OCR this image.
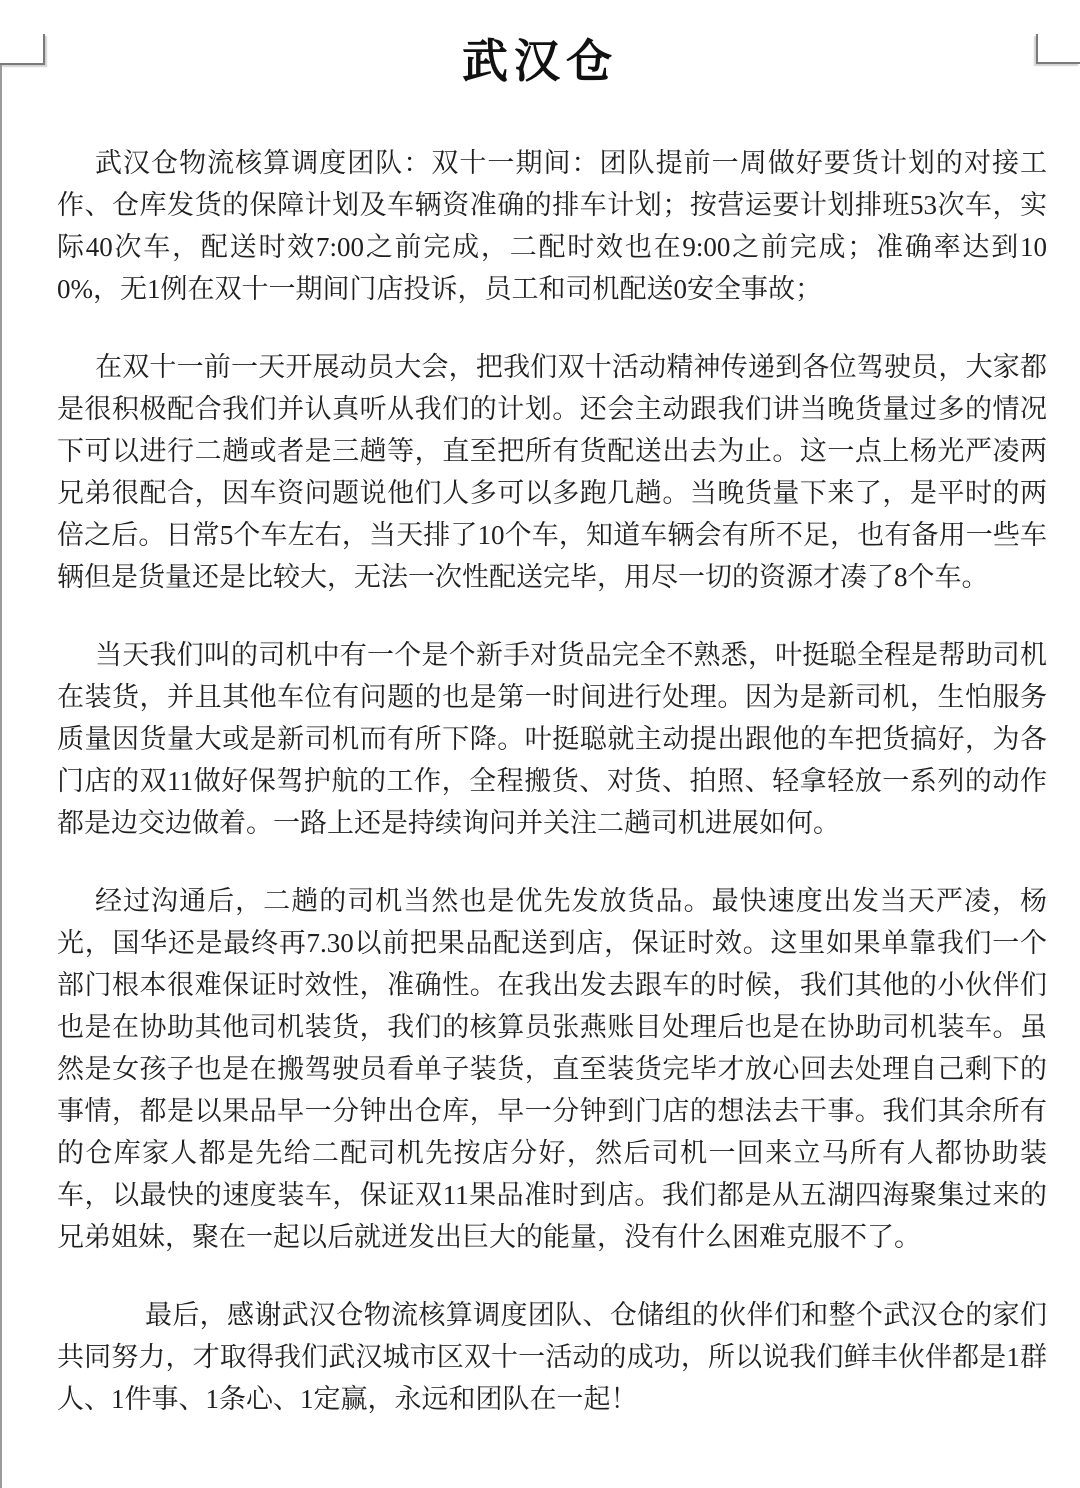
武汉仓

武汉仓物流核算调度团队：双十一期间：团队提前一周做好要货计划的对接工作、仓库发货的保障计划及车辆资准确的排车计划；按营运要计划排班53次车，实际40次车，配送时效7:00之前完成，二配时效也在9:00之前完成；准确率达到100%，无1例在双十一期间门店投诉，员工和司机配送0安全事故；

在双十一前一天开展动员大会，把我们双十活动精神传递到各位驾驶员，大家都是很积极配合我们并认真听从我们的计划。还会主动跟我们讲当晚货量过多的情况下可以进行二趟或者是三趟等，直至把所有货配送出去为止。这一点上杨光严凌两兄弟很配合，因车资问题说他们人多可以多跑几趟。当晚货量下来了，是平时的两倍之后。日常5个车左右，当天排了10个车，知道车辆会有所不足，也有备用一些车辆但是货量还是比较大，无法一次性配送完毕，用尽一切的资源才凑了8个车。

当天我们叫的司机中有一个是个新手对货品完全不熟悉，叶挺聪全程是帮助司机在装货，并且其他车位有问题的也是第一时间进行处理。因为是新司机，生怕服务质量因货量大或是新司机而有所下降。叶挺聪就主动提出跟他的车把货搞好，为各门店的双11做好保驾护航的工作，全程搬货、对货、拍照、轻拿轻放一系列的动作都是边交边做着。一路上还是持续询问并关注二趟司机进展如何。

经过沟通后，二趟的司机当然也是优先发放货品。最快速度出发当天严凌，杨光，国华还是最终再7.30以前把果品配送到店，保证时效。这里如果单靠我们一个部门根本很难保证时效性，准确性。在我出发去跟车的时候，我们其他的小伙伴们也是在协助其他司机装货，我们的核算员张燕账目处理后也是在协助司机装车。虽然是女孩子也是在搬驾驶员看单子装货，直至装货完毕才放心回去处理自己剩下的事情，都是以果品早一分钟出仓库，早一分钟到门店的想法去干事。我们其余所有的仓库家人都是先给二配司机先按店分好，然后司机一回来立马所有人都协助装车，以最快的速度装车，保证双11果品准时到店。我们都是从五湖四海聚集过来的兄弟姐妹，聚在一起以后就迸发出巨大的能量，没有什么困难克服不了。

最后，感谢武汉仓物流核算调度团队、仓储组的伙伴们和整个武汉仓的家们共同努力，才取得我们武汉城市区双十一活动的成功，所以说我们鲜丰伙伴都是1群人、1件事、1条心、1定赢，永远和团队在一起！
